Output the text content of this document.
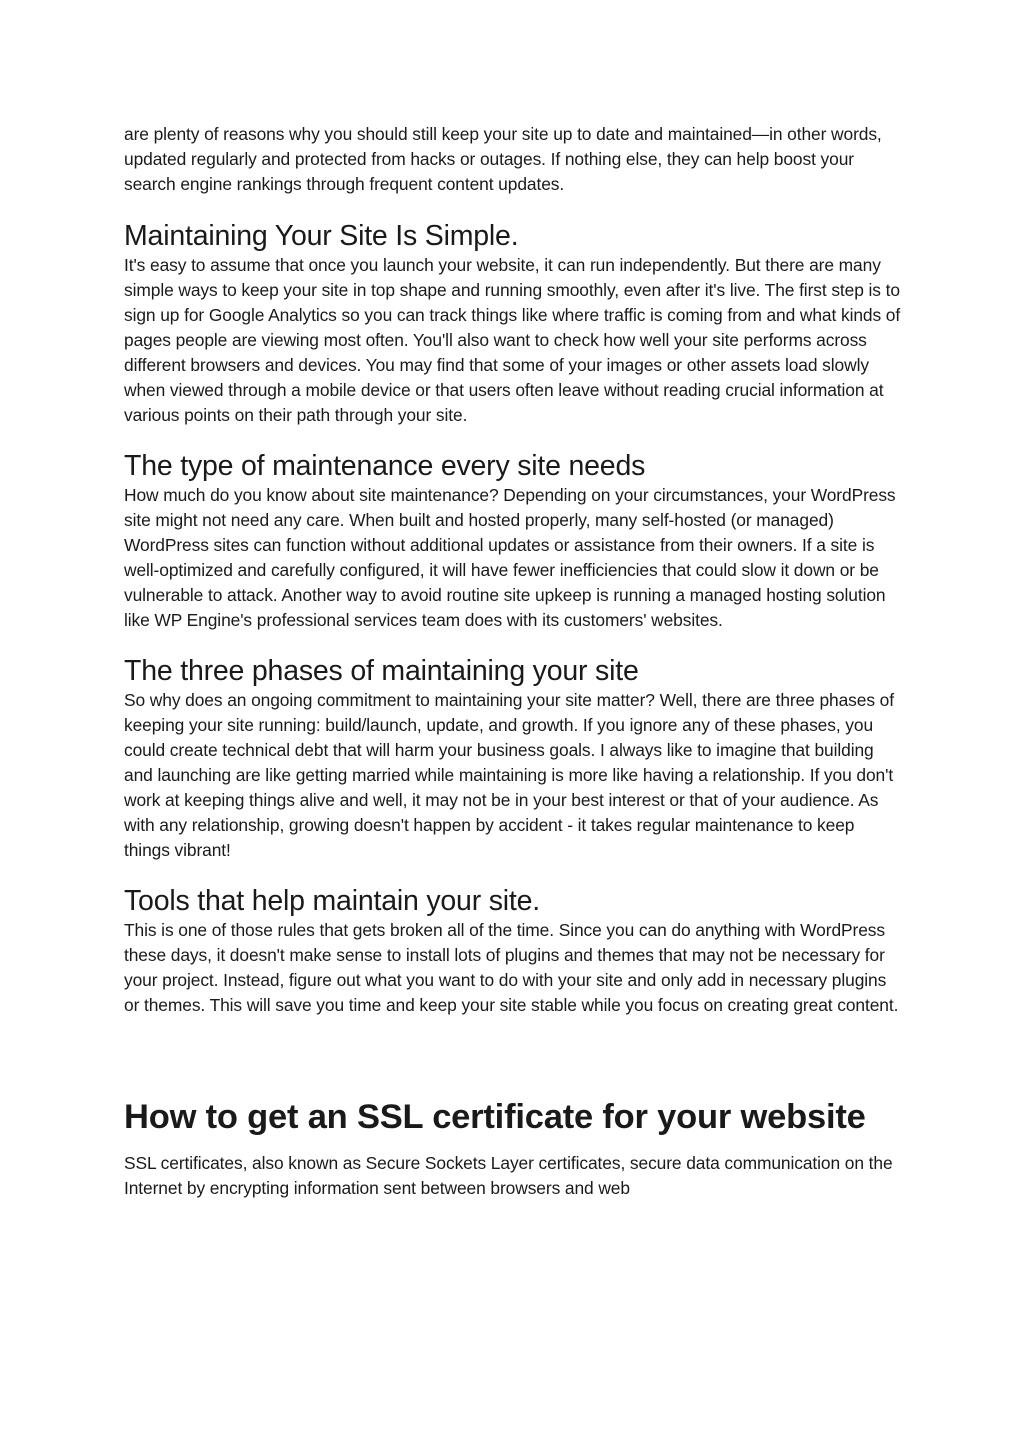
are plenty of reasons why you should still keep your site up to date and maintained—in other words, updated regularly and protected from hacks or outages. If nothing else, they can help boost your search engine rankings through frequent content updates.

Maintaining Your Site Is Simple.

It's easy to assume that once you launch your website, it can run independently. But there are many simple ways to keep your site in top shape and running smoothly, even after it's live. The first step is to sign up for Google Analytics so you can track things like where traffic is coming from and what kinds of pages people are viewing most often. You'll also want to check how well your site performs across different browsers and devices. You may find that some of your images or other assets load slowly when viewed through a mobile device or that users often leave without reading crucial information at various points on their path through your site.

The type of maintenance every site needs

How much do you know about site maintenance? Depending on your circumstances, your WordPress site might not need any care. When built and hosted properly, many self-hosted (or managed) WordPress sites can function without additional updates or assistance from their owners. If a site is well-optimized and carefully configured, it will have fewer inefficiencies that could slow it down or be vulnerable to attack. Another way to avoid routine site upkeep is running a managed hosting solution like WP Engine's professional services team does with its customers' websites.

The three phases of maintaining your site

So why does an ongoing commitment to maintaining your site matter? Well, there are three phases of keeping your site running: build/launch, update, and growth. If you ignore any of these phases, you could create technical debt that will harm your business goals. I always like to imagine that building and launching are like getting married while maintaining is more like having a relationship. If you don't work at keeping things alive and well, it may not be in your best interest or that of your audience. As with any relationship, growing doesn't happen by accident - it takes regular maintenance to keep things vibrant!

Tools that help maintain your site.

This is one of those rules that gets broken all of the time. Since you can do anything with WordPress these days, it doesn't make sense to install lots of plugins and themes that may not be necessary for your project. Instead, figure out what you want to do with your site and only add in necessary plugins or themes. This will save you time and keep your site stable while you focus on creating great content.

How to get an SSL certificate for your website

SSL certificates, also known as Secure Sockets Layer certificates, secure data communication on the Internet by encrypting information sent between browsers and web
